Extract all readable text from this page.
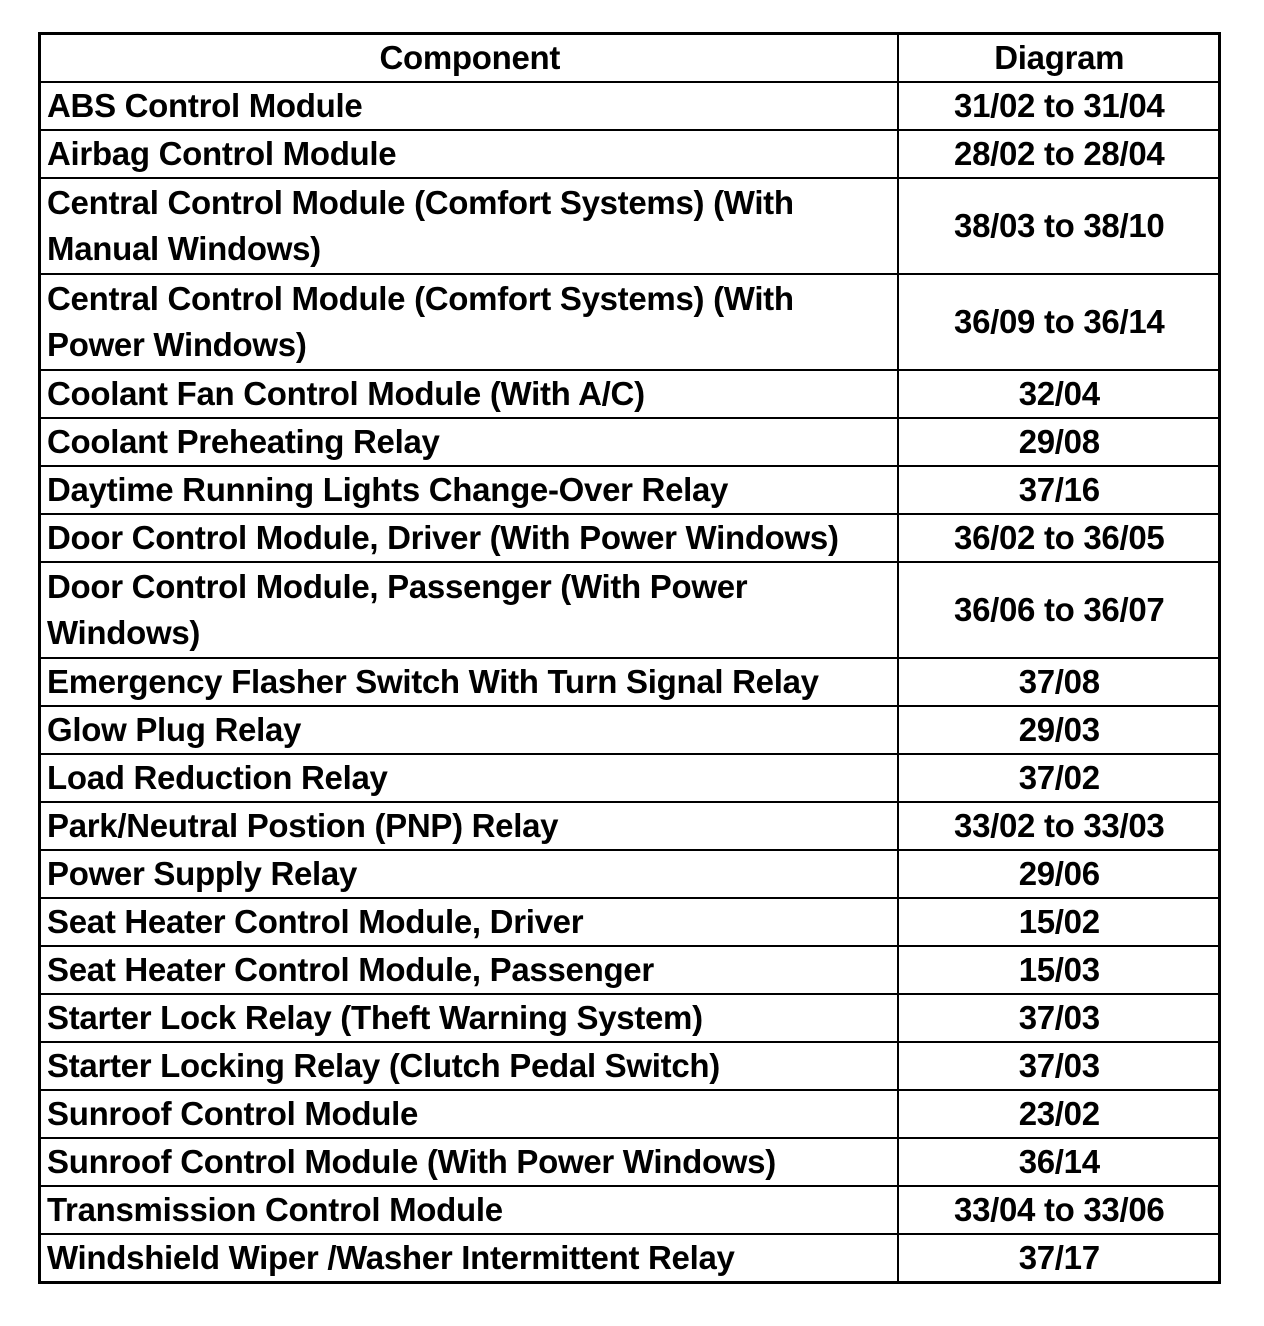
Component	Diagram
ABS Control Module	31/02 to 31/04
Airbag Control Module	28/02 to 28/04
Central Control Module (Comfort Systems) (With Manual Windows)	38/03 to 38/10
Central Control Module (Comfort Systems) (With Power Windows)	36/09 to 36/14
Coolant Fan Control Module (With A/C)	32/04
Coolant Preheating Relay	29/08
Daytime Running Lights Change-Over Relay	37/16
Door Control Module, Driver (With Power Windows)	36/02 to 36/05
Door Control Module, Passenger (With Power Windows)	36/06 to 36/07
Emergency Flasher Switch With Turn Signal Relay	37/08
Glow Plug Relay	29/03
Load Reduction Relay	37/02
Park/Neutral Postion (PNP) Relay	33/02 to 33/03
Power Supply Relay	29/06
Seat Heater Control Module, Driver	15/02
Seat Heater Control Module, Passenger	15/03
Starter Lock Relay (Theft Warning System)	37/03
Starter Locking Relay (Clutch Pedal Switch)	37/03
Sunroof Control Module	23/02
Sunroof Control Module (With Power Windows)	36/14
Transmission Control Module	33/04 to 33/06
Windshield Wiper /Washer Intermittent Relay	37/17
